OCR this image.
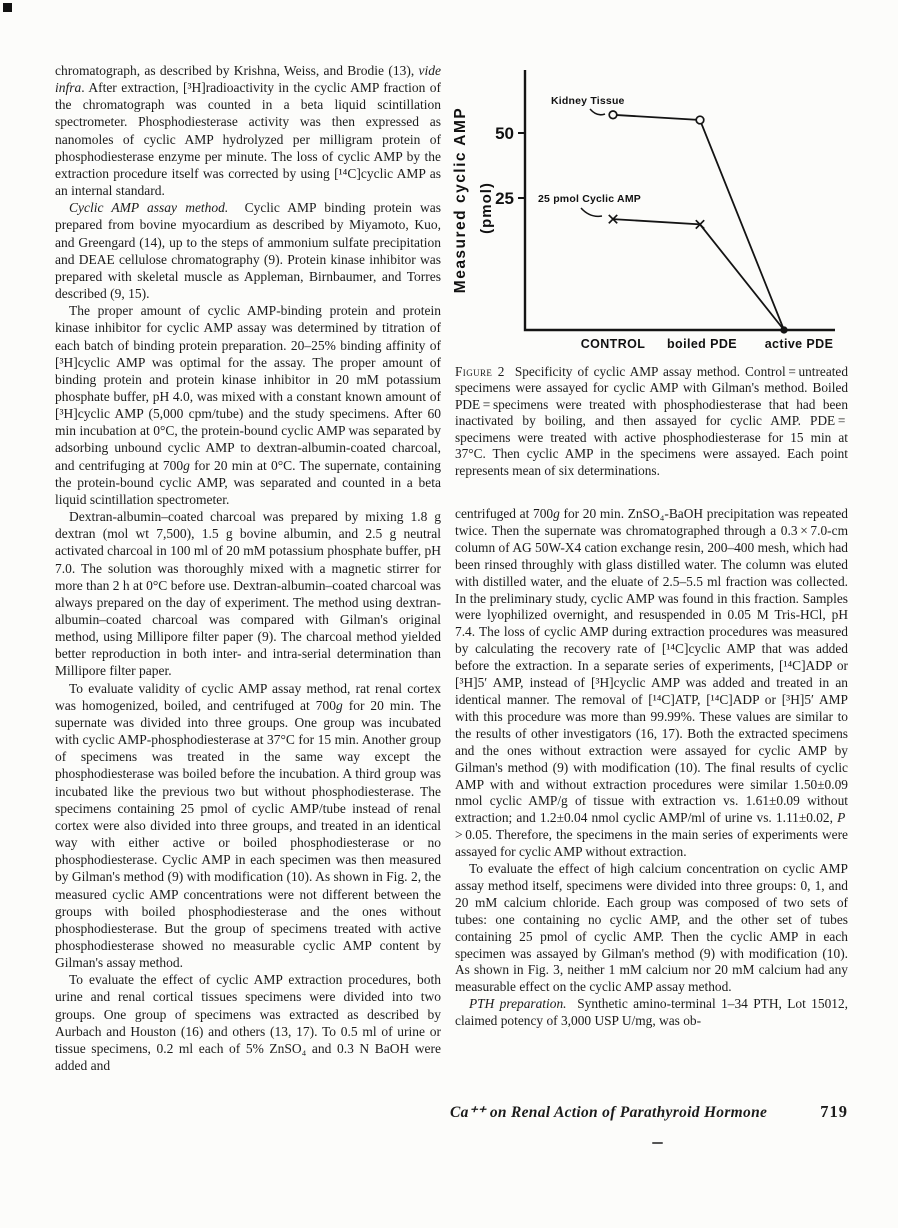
chromatograph, as described by Krishna, Weiss, and Brodie (13), vide infra. After extraction, [³H]radioactivity in the cyclic AMP fraction of the chromatograph was counted in a beta liquid scintillation spectrometer. Phosphodiesterase activity was then expressed as nanomoles of cyclic AMP hydrolyzed per milligram protein of phosphodiesterase enzyme per minute. The loss of cyclic AMP by the extraction procedure itself was corrected by using [¹⁴C]cyclic AMP as an internal standard.

Cyclic AMP assay method.  Cyclic AMP binding protein was prepared from bovine myocardium as described by Miyamoto, Kuo, and Greengard (14), up to the steps of ammonium sulfate precipitation and DEAE cellulose chromatography (9). Protein kinase inhibitor was prepared with skeletal muscle as Appleman, Birnbaumer, and Torres described (9, 15).

The proper amount of cyclic AMP-binding protein and protein kinase inhibitor for cyclic AMP assay was determined by titration of each batch of binding protein preparation. 20–25% binding affinity of [³H]cyclic AMP was optimal for the assay. The proper amount of binding protein and protein kinase inhibitor in 20 mM potassium phosphate buffer, pH 4.0, was mixed with a constant known amount of [³H]cyclic AMP (5,000 cpm/tube) and the study specimens. After 60 min incubation at 0°C, the protein-bound cyclic AMP was separated by adsorbing unbound cyclic AMP to dextran-albumin-coated charcoal, and centrifuging at 700g for 20 min at 0°C. The supernate, containing the protein-bound cyclic AMP, was separated and counted in a beta liquid scintillation spectrometer.

Dextran-albumin–coated charcoal was prepared by mixing 1.8 g dextran (mol wt 7,500), 1.5 g bovine albumin, and 2.5 g neutral activated charcoal in 100 ml of 20 mM potassium phosphate buffer, pH 7.0. The solution was thoroughly mixed with a magnetic stirrer for more than 2 h at 0°C before use. Dextran-albumin–coated charcoal was always prepared on the day of experiment. The method using dextran-albumin–coated charcoal was compared with Gilman's original method, using Millipore filter paper (9). The charcoal method yielded better reproduction in both inter- and intra-serial determination than Millipore filter paper.

To evaluate validity of cyclic AMP assay method, rat renal cortex was homogenized, boiled, and centrifuged at 700g for 20 min. The supernate was divided into three groups. One group was incubated with cyclic AMP-phosphodiesterase at 37°C for 15 min. Another group of specimens was treated in the same way except the phosphodiesterase was boiled before the incubation. A third group was incubated like the previous two but without phosphodiesterase. The specimens containing 25 pmol of cyclic AMP/tube instead of renal cortex were also divided into three groups, and treated in an identical way with either active or boiled phosphodiesterase or no phosphodiesterase. Cyclic AMP in each specimen was then measured by Gilman's method (9) with modification (10). As shown in Fig. 2, the measured cyclic AMP concentrations were not different between the groups with boiled phosphodiesterase and the ones without phosphodiesterase. But the group of specimens treated with active phosphodiesterase showed no measurable cyclic AMP content by Gilman's assay method.

To evaluate the effect of cyclic AMP extraction procedures, both urine and renal cortical tissues specimens were divided into two groups. One group of specimens was extracted as described by Aurbach and Houston (16) and others (13, 17). To 0.5 ml of urine or tissue specimens, 0.2 ml each of 5% ZnSO₄ and 0.3 N BaOH were added and

25
50
CONTROL boiled PDE active PDE
Kidney Tissue
25 pmol Cyclic AMP
Measured cyclic AMP (pmol)

Figure 2 Specificity of cyclic AMP assay method. Control = untreated specimens were assayed for cyclic AMP with Gilman's method. Boiled PDE = specimens were treated with phosphodiesterase that had been inactivated by boiling, and then assayed for cyclic AMP. PDE = specimens were treated with active phosphodiesterase for 15 min at 37°C. Then cyclic AMP in the specimens were assayed. Each point represents mean of six determinations.

centrifuged at 700g for 20 min. ZnSO₄-BaOH precipitation was repeated twice. Then the supernate was chromatographed through a 0.3 × 7.0-cm column of AG 50W-X4 cation exchange resin, 200–400 mesh, which had been rinsed throughly with glass distilled water. The column was eluted with distilled water, and the eluate of 2.5–5.5 ml fraction was collected. In the preliminary study, cyclic AMP was found in this fraction. Samples were lyophilized overnight, and resuspended in 0.05 M Tris-HCl, pH 7.4. The loss of cyclic AMP during extraction procedures was measured by calculating the recovery rate of [¹⁴C]cyclic AMP that was added before the extraction. In a separate series of experiments, [¹⁴C]ADP or [³H]5′ AMP, instead of [³H]cyclic AMP was added and treated in an identical manner. The removal of [¹⁴C]ATP, [¹⁴C]ADP or [³H]5′ AMP with this procedure was more than 99.99%. These values are similar to the results of other investigators (16, 17). Both the extracted specimens and the ones without extraction were assayed for cyclic AMP by Gilman's method (9) with modification (10). The final results of cyclic AMP with and without extraction procedures were similar 1.50±0.09 nmol cyclic AMP/g of tissue with extraction vs. 1.61±0.09 without extraction; and 1.2±0.04 nmol cyclic AMP/ml of urine vs. 1.11±0.02, P > 0.05. Therefore, the specimens in the main series of experiments were assayed for cyclic AMP without extraction.

To evaluate the effect of high calcium concentration on cyclic AMP assay method itself, specimens were divided into three groups: 0, 1, and 20 mM calcium chloride. Each group was composed of two sets of tubes: one containing no cyclic AMP, and the other set of tubes containing 25 pmol of cyclic AMP. Then the cyclic AMP in each specimen was assayed by Gilman's method (9) with modification (10). As shown in Fig. 3, neither 1 mM calcium nor 20 mM calcium had any measurable effect on the cyclic AMP assay method.

PTH preparation.  Synthetic amino-terminal 1–34 PTH, Lot 15012, claimed potency of 3,000 USP U/mg, was ob-

Ca⁺⁺ on Renal Action of Parathyroid Hormone	719
